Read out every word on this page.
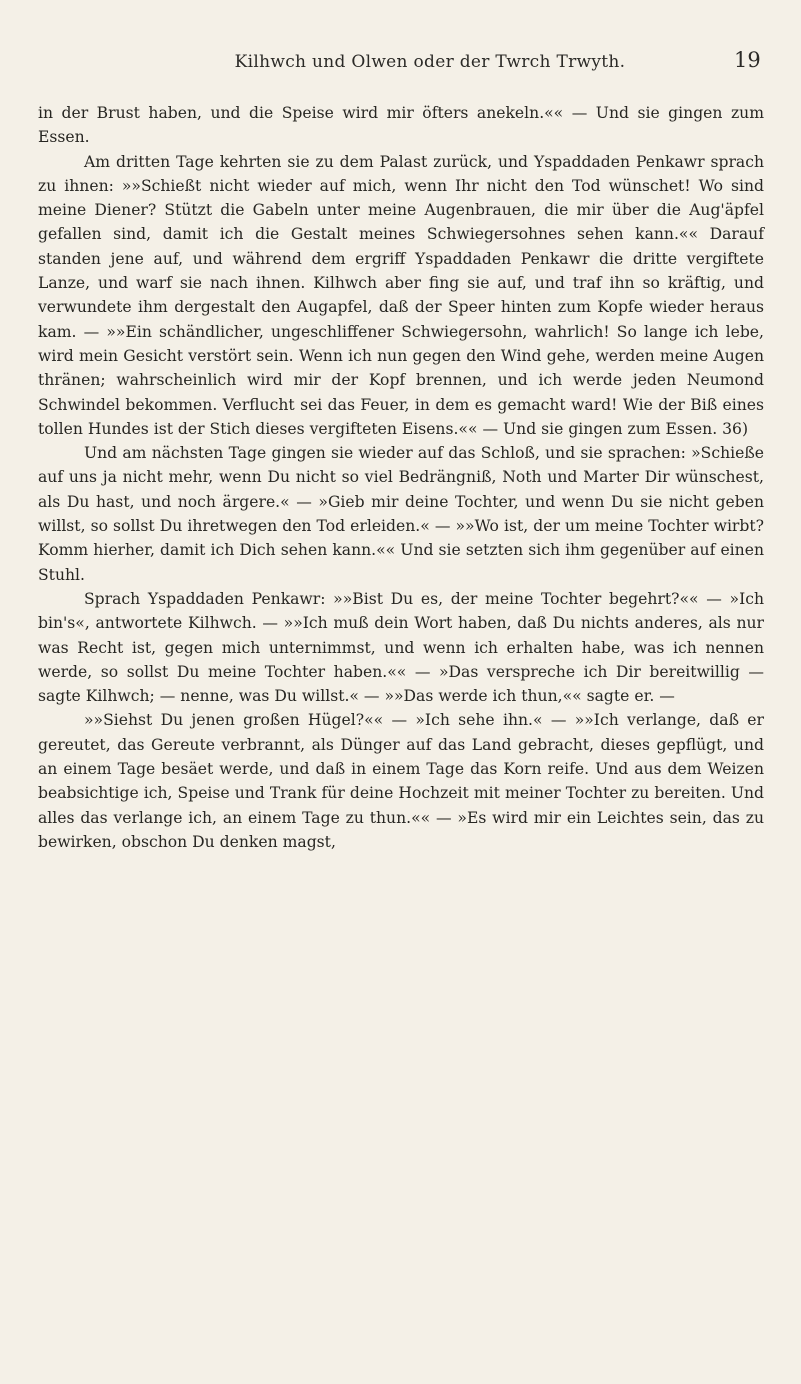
Kilhwch und Olwen oder der Twrch Trwyth.	19

in der Brust haben, und die Speise wird mir öfters anekeln.«« — Und sie gingen zum Essen.

Am dritten Tage kehrten sie zu dem Palast zurück, und Yspaddaden Penkawr sprach zu ihnen: »»Schießt nicht wieder auf mich, wenn Ihr nicht den Tod wünschet! Wo sind meine Diener? Stützt die Gabeln unter meine Augenbrauen, die mir über die Aug'äpfel gefallen sind, damit ich die Gestalt meines Schwiegersohnes sehen kann.«« Darauf standen jene auf, und während dem ergriff Yspaddaden Penkawr die dritte vergiftete Lanze, und warf sie nach ihnen. Kilhwch aber fing sie auf, und traf ihn so kräftig, und verwundete ihm dergestalt den Augapfel, daß der Speer hinten zum Kopfe wieder heraus kam. — »»Ein schändlicher, ungeschliffener Schwiegersohn, wahrlich! So lange ich lebe, wird mein Gesicht verstört sein. Wenn ich nun gegen den Wind gehe, werden meine Augen thränen; wahrscheinlich wird mir der Kopf brennen, und ich werde jeden Neumond Schwindel bekommen. Verflucht sei das Feuer, in dem es gemacht ward! Wie der Biß eines tollen Hundes ist der Stich dieses vergifteten Eisens.«« — Und sie gingen zum Essen. 36)

Und am nächsten Tage gingen sie wieder auf das Schloß, und sie sprachen: »Schieße auf uns ja nicht mehr, wenn Du nicht so viel Bedrängniß, Noth und Marter Dir wünschest, als Du hast, und noch ärgere.« — »Gieb mir deine Tochter, und wenn Du sie nicht geben willst, so sollst Du ihretwegen den Tod erleiden.« — »»Wo ist, der um meine Tochter wirbt? Komm hierher, damit ich Dich sehen kann.«« Und sie setzten sich ihm gegenüber auf einen Stuhl.

Sprach Yspaddaden Penkawr: »»Bist Du es, der meine Tochter begehrt?«« — »Ich bin's«, antwortete Kilhwch. — »»Ich muß dein Wort haben, daß Du nichts anderes, als nur was Recht ist, gegen mich unternimmst, und wenn ich erhalten habe, was ich nennen werde, so sollst Du meine Tochter haben.«« — »Das verspreche ich Dir bereitwillig — sagte Kilhwch; — nenne, was Du willst.« — »»Das werde ich thun,«« sagte er. —

»»Siehst Du jenen großen Hügel?«« — »Ich sehe ihn.« — »»Ich verlange, daß er gereutet, das Gereute verbrannt, als Dünger auf das Land gebracht, dieses gepflügt, und an einem Tage besäet werde, und daß in einem Tage das Korn reife. Und aus dem Weizen beabsichtige ich, Speise und Trank für deine Hochzeit mit meiner Tochter zu bereiten. Und alles das verlange ich, an einem Tage zu thun.«« — »Es wird mir ein Leichtes sein, das zu bewirken, obschon Du denken magst,
